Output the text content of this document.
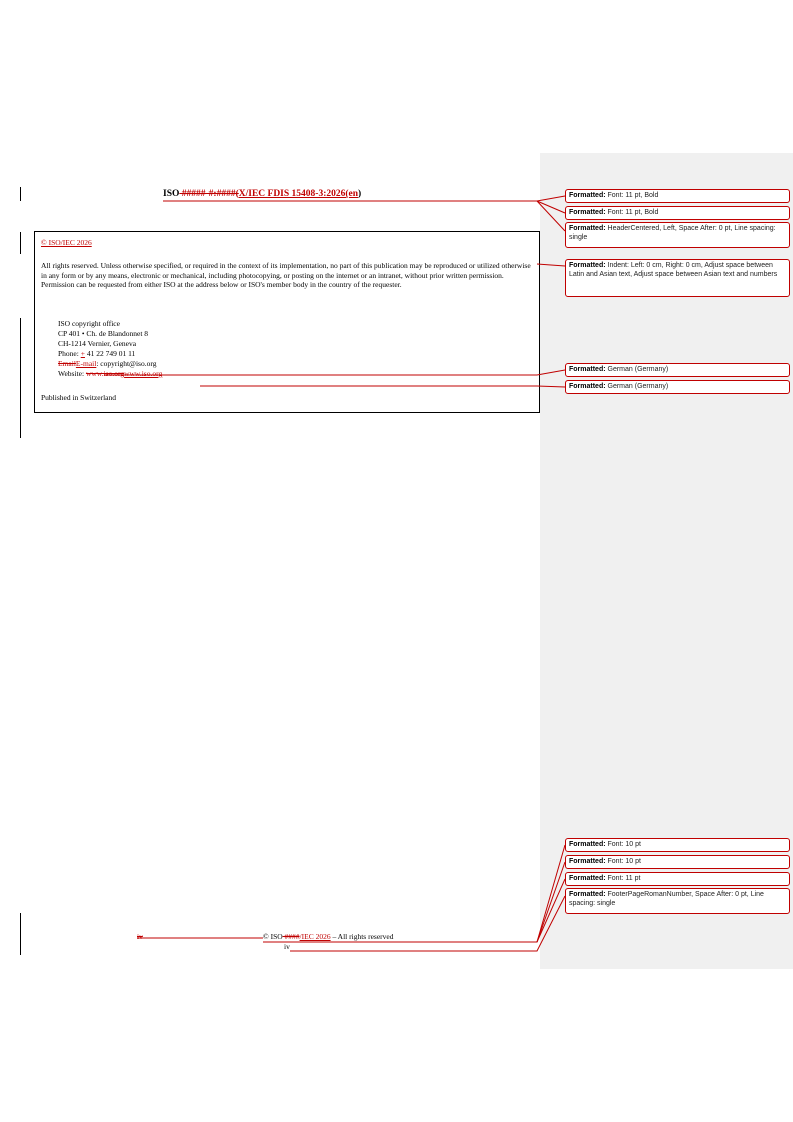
ISO #####-#:####(X/IEC FDIS 15408-3:2026(en)

© ISO/IEC 2026

All rights reserved. Unless otherwise specified, or required in the context of its implementation, no part of this publication may be reproduced or utilized otherwise in any form or by any means, electronic or mechanical, including photocopying, or posting on the internet or an intranet, without prior written permission. Permission can be requested from either ISO at the address below or ISO's member body in the country of the requester.

ISO copyright office

CP 401 • Ch. de Blandonnet 8

CH-1214 Vernier, Geneva

Phone: + 41 22 749 01 11

EmailE-mail: copyright@iso.org

Website: www.iso.orgwww.iso.org

Published in Switzerland

iv	© ISO ####/IEC 2026 – All rights reserved
iv
Formatted: Font: 11 pt, Bold
Formatted: Font: 11 pt, Bold
Formatted: HeaderCentered, Left, Space After: 0 pt, Line spacing: single
Formatted: Indent: Left: 0 cm, Right: 0 cm, Adjust space between Latin and Asian text, Adjust space between Asian text and numbers
Formatted: German (Germany)
Formatted: German (Germany)
Formatted: Font: 10 pt
Formatted: Font: 10 pt
Formatted: Font: 11 pt
Formatted: FooterPageRomanNumber, Space After: 0 pt, Line spacing: single
